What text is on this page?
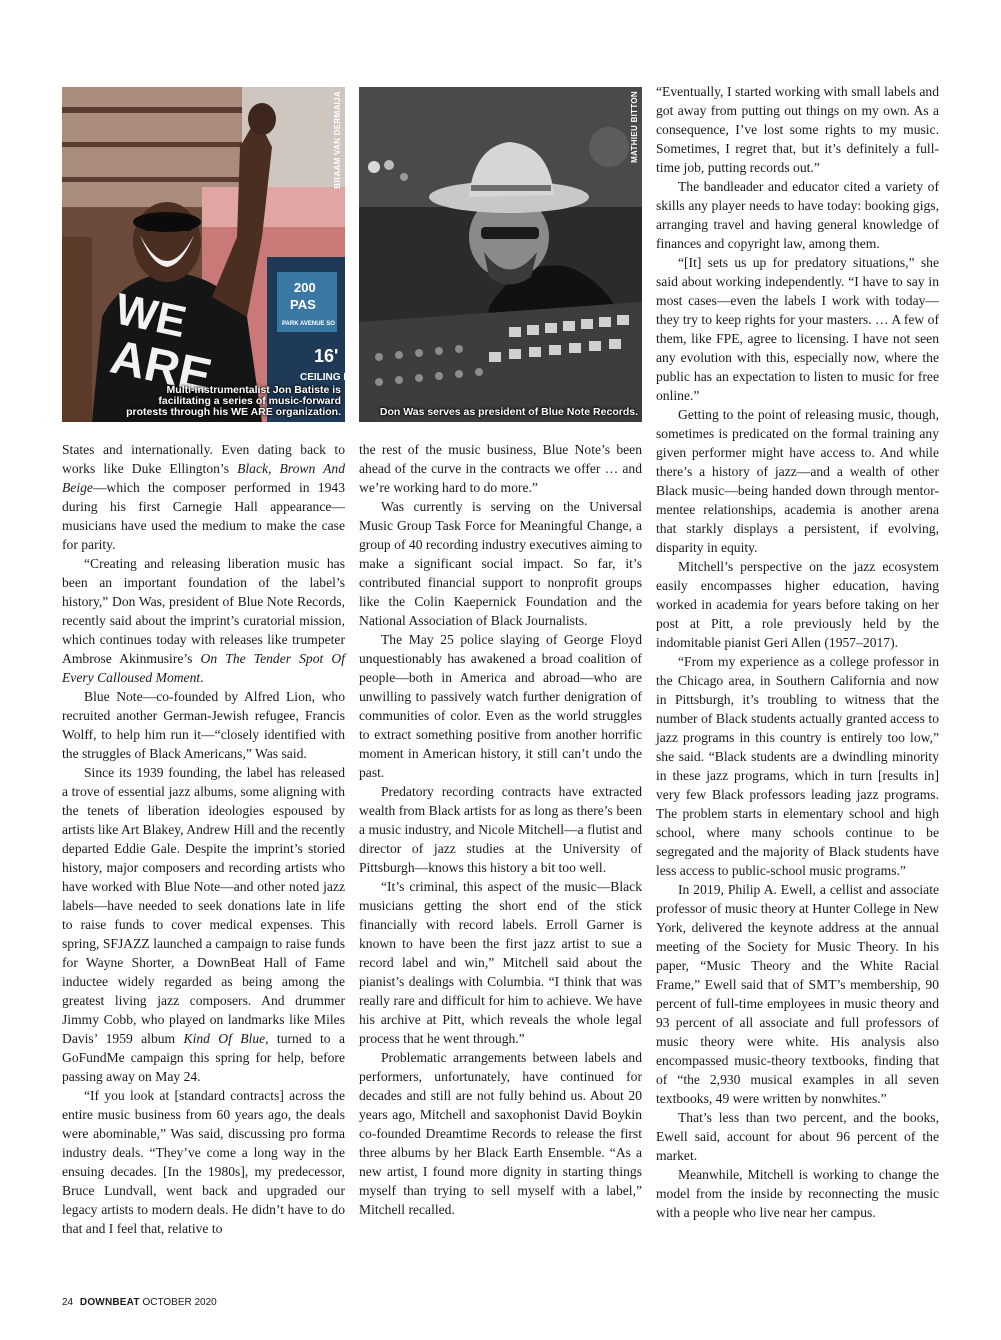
WE
ARE
200
PAS
PARK AVENUE SO
16'
CEILING H
BRAAM VAN DERMAIJA
Multi-instrumentalist Jon Batiste is
facilitating a series of music-forward
protests through his WE ARE organization.
MATHIEU BITTON
Don Was serves as president of Blue Note Records.

States and internationally. Even dating back to works like Duke Ellington’s Black, Brown And Beige—which the composer performed in 1943 during his first Carnegie Hall appearance—musicians have used the medium to make the case for parity.

“Creating and releasing liberation music has been an important foundation of the label’s history,” Don Was, president of Blue Note Records, recently said about the imprint’s curatorial mission, which continues today with releases like trumpeter Ambrose Akinmusire’s On The Tender Spot Of Every Calloused Moment.

Blue Note—co-founded by Alfred Lion, who recruited another German-Jewish refugee, Francis Wolff, to help him run it—“closely identified with the struggles of Black Americans,” Was said.

Since its 1939 founding, the label has released a trove of essential jazz albums, some aligning with the tenets of liberation ideologies espoused by artists like Art Blakey, Andrew Hill and the recently departed Eddie Gale. Despite the imprint’s storied history, major composers and recording artists who have worked with Blue Note—and other noted jazz labels—have needed to seek donations late in life to raise funds to cover medical expenses. This spring, SFJAZZ launched a campaign to raise funds for Wayne Shorter, a DownBeat Hall of Fame inductee widely regarded as being among the greatest living jazz composers. And drummer Jimmy Cobb, who played on landmarks like Miles Davis’ 1959 album Kind Of Blue, turned to a GoFundMe campaign this spring for help, before passing away on May 24.

“If you look at [standard contracts] across the entire music business from 60 years ago, the deals were abominable,” Was said, discussing pro forma industry deals. “They’ve come a long way in the ensuing decades. [In the 1980s], my predecessor, Bruce Lundvall, went back and upgraded our legacy artists to modern deals. He didn’t have to do that and I feel that, relative to

the rest of the music business, Blue Note’s been ahead of the curve in the contracts we offer … and we’re working hard to do more.”

Was currently is serving on the Universal Music Group Task Force for Meaningful Change, a group of 40 recording industry executives aiming to make a significant social impact. So far, it’s contributed financial support to nonprofit groups like the Colin Kaepernick Foundation and the National Association of Black Journalists.

The May 25 police slaying of George Floyd unquestionably has awakened a broad coalition of people—both in America and abroad—who are unwilling to passively watch further denigration of communities of color. Even as the world struggles to extract something positive from another horrific moment in American history, it still can’t undo the past.

Predatory recording contracts have extracted wealth from Black artists for as long as there’s been a music industry, and Nicole Mitchell—a flutist and director of jazz studies at the University of Pittsburgh—knows this history a bit too well.

“It’s criminal, this aspect of the music—Black musicians getting the short end of the stick financially with record labels. Erroll Garner is known to have been the first jazz artist to sue a record label and win,” Mitchell said about the pianist’s dealings with Columbia. “I think that was really rare and difficult for him to achieve. We have his archive at Pitt, which reveals the whole legal process that he went through.”

Problematic arrangements between labels and performers, unfortunately, have continued for decades and still are not fully behind us. About 20 years ago, Mitchell and saxophonist David Boykin co-founded Dreamtime Records to release the first three albums by her Black Earth Ensemble. “As a new artist, I found more dignity in starting things myself than trying to sell myself with a label,” Mitchell recalled.

“Eventually, I started working with small labels and got away from putting out things on my own. As a consequence, I’ve lost some rights to my music. Sometimes, I regret that, but it’s definitely a full-time job, putting records out.”

The bandleader and educator cited a variety of skills any player needs to have today: booking gigs, arranging travel and having general knowledge of finances and copyright law, among them.

“[It] sets us up for predatory situations,” she said about working independently. “I have to say in most cases—even the labels I work with today—they try to keep rights for your masters. … A few of them, like FPE, agree to licensing. I have not seen any evolution with this, especially now, where the public has an expectation to listen to music for free online.”

Getting to the point of releasing music, though, sometimes is predicated on the formal training any given performer might have access to. And while there’s a history of jazz—and a wealth of other Black music—being handed down through mentor-mentee relationships, academia is another arena that starkly displays a persistent, if evolving, disparity in equity.

Mitchell’s perspective on the jazz ecosystem easily encompasses higher education, having worked in academia for years before taking on her post at Pitt, a role previously held by the indomitable pianist Geri Allen (1957–2017).

“From my experience as a college professor in the Chicago area, in Southern California and now in Pittsburgh, it’s troubling to witness that the number of Black students actually granted access to jazz programs in this country is entirely too low,” she said. “Black students are a dwindling minority in these jazz programs, which in turn [results in] very few Black professors leading jazz programs. The problem starts in elementary school and high school, where many schools continue to be segregated and the majority of Black students have less access to public-school music programs.”

In 2019, Philip A. Ewell, a cellist and associate professor of music theory at Hunter College in New York, delivered the keynote address at the annual meeting of the Society for Music Theory. In his paper, “Music Theory and the White Racial Frame,” Ewell said that of SMT’s membership, 90 percent of full-time employees in music theory and 93 percent of all associate and full professors of music theory were white. His analysis also encompassed music-theory textbooks, finding that of “the 2,930 musical examples in all seven textbooks, 49 were written by nonwhites.”

That’s less than two percent, and the books, Ewell said, account for about 96 percent of the market.

Meanwhile, Mitchell is working to change the model from the inside by reconnecting the music with a people who live near her campus.

24 DOWNBEAT OCTOBER 2020
